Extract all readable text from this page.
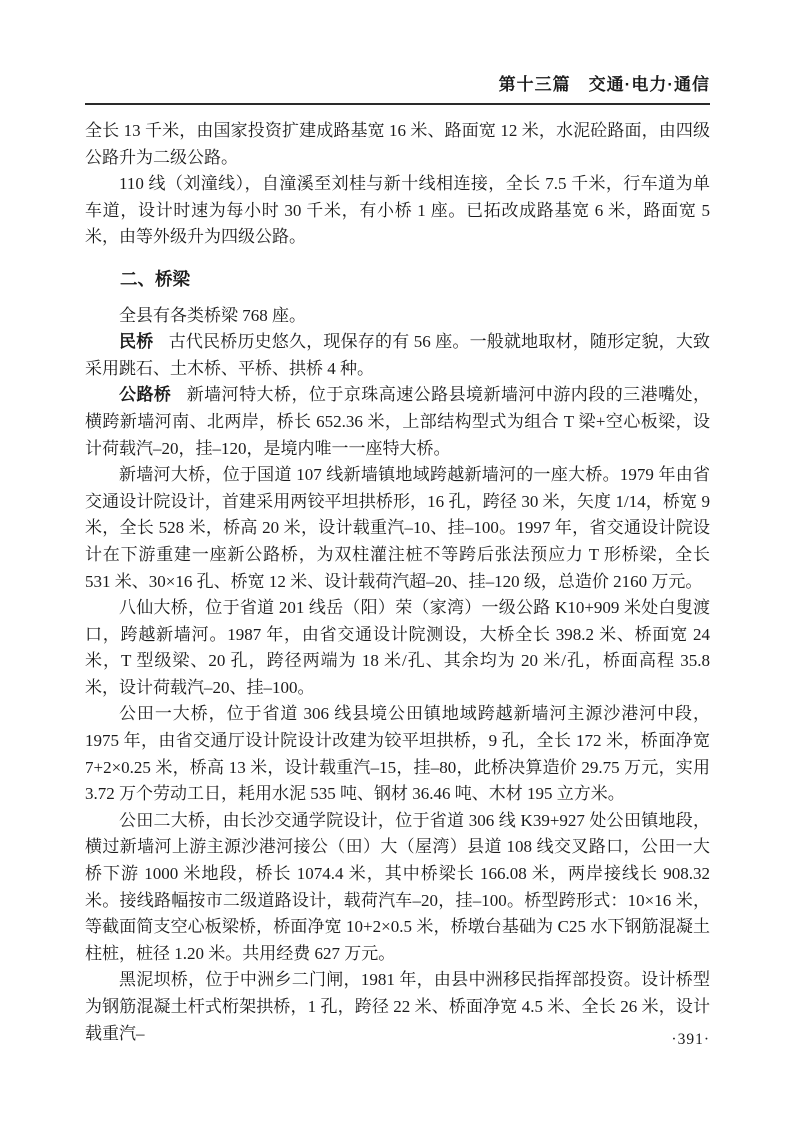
第十三篇　交通·电力·通信

全长 13 千米，由国家投资扩建成路基宽 16 米、路面宽 12 米，水泥砼路面，由四级公路升为二级公路。

110 线（刘潼线），自潼溪至刘桂与新十线相连接，全长 7.5 千米，行车道为单车道，设计时速为每小时 30 千米，有小桥 1 座。已拓改成路基宽 6 米，路面宽 5 米，由等外级升为四级公路。

二、桥梁

全县有各类桥梁 768 座。

民桥 古代民桥历史悠久，现保存的有 56 座。一般就地取材，随形定貌，大致采用跳石、土木桥、平桥、拱桥 4 种。

公路桥 新墙河特大桥，位于京珠高速公路县境新墙河中游内段的三港嘴处，横跨新墙河南、北两岸，桥长 652.36 米，上部结构型式为组合 T 梁+空心板梁，设计荷载汽–20，挂–120，是境内唯一一座特大桥。

新墙河大桥，位于国道 107 线新墙镇地域跨越新墙河的一座大桥。1979 年由省交通设计院设计，首建采用两铰平坦拱桥形，16 孔，跨径 30 米，矢度 1/14，桥宽 9 米，全长 528 米，桥高 20 米，设计载重汽–10、挂–100。1997 年，省交通设计院设计在下游重建一座新公路桥，为双柱灌注桩不等跨后张法预应力 T 形桥梁，全长 531 米、30×16 孔、桥宽 12 米、设计载荷汽超–20、挂–120 级，总造价 2160 万元。

八仙大桥，位于省道 201 线岳（阳）荣（家湾）一级公路 K10+909 米处白叟渡口，跨越新墙河。1987 年，由省交通设计院测设，大桥全长 398.2 米、桥面宽 24 米，T 型级梁、20 孔，跨径两端为 18 米/孔、其余均为 20 米/孔，桥面高程 35.8 米，设计荷载汽–20、挂–100。

公田一大桥，位于省道 306 线县境公田镇地域跨越新墙河主源沙港河中段，1975 年，由省交通厅设计院设计改建为铰平坦拱桥，9 孔，全长 172 米，桥面净宽 7+2×0.25 米，桥高 13 米，设计载重汽–15，挂–80，此桥决算造价 29.75 万元，实用 3.72 万个劳动工日，耗用水泥 535 吨、钢材 36.46 吨、木材 195 立方米。

公田二大桥，由长沙交通学院设计，位于省道 306 线 K39+927 处公田镇地段，横过新墙河上游主源沙港河接公（田）大（屋湾）县道 108 线交叉路口，公田一大桥下游 1000 米地段，桥长 1074.4 米，其中桥梁长 166.08 米，两岸接线长 908.32 米。接线路幅按市二级道路设计，载荷汽车–20，挂–100。桥型跨形式：10×16 米，等截面简支空心板梁桥，桥面净宽 10+2×0.5 米，桥墩台基础为 C25 水下钢筋混凝土柱桩，桩径 1.20 米。共用经费 627 万元。

黑泥坝桥，位于中洲乡二门闸，1981 年，由县中洲移民指挥部投资。设计桥型为钢筋混凝土杆式桁架拱桥，1 孔，跨径 22 米、桥面净宽 4.5 米、全长 26 米，设计载重汽–	·391·
